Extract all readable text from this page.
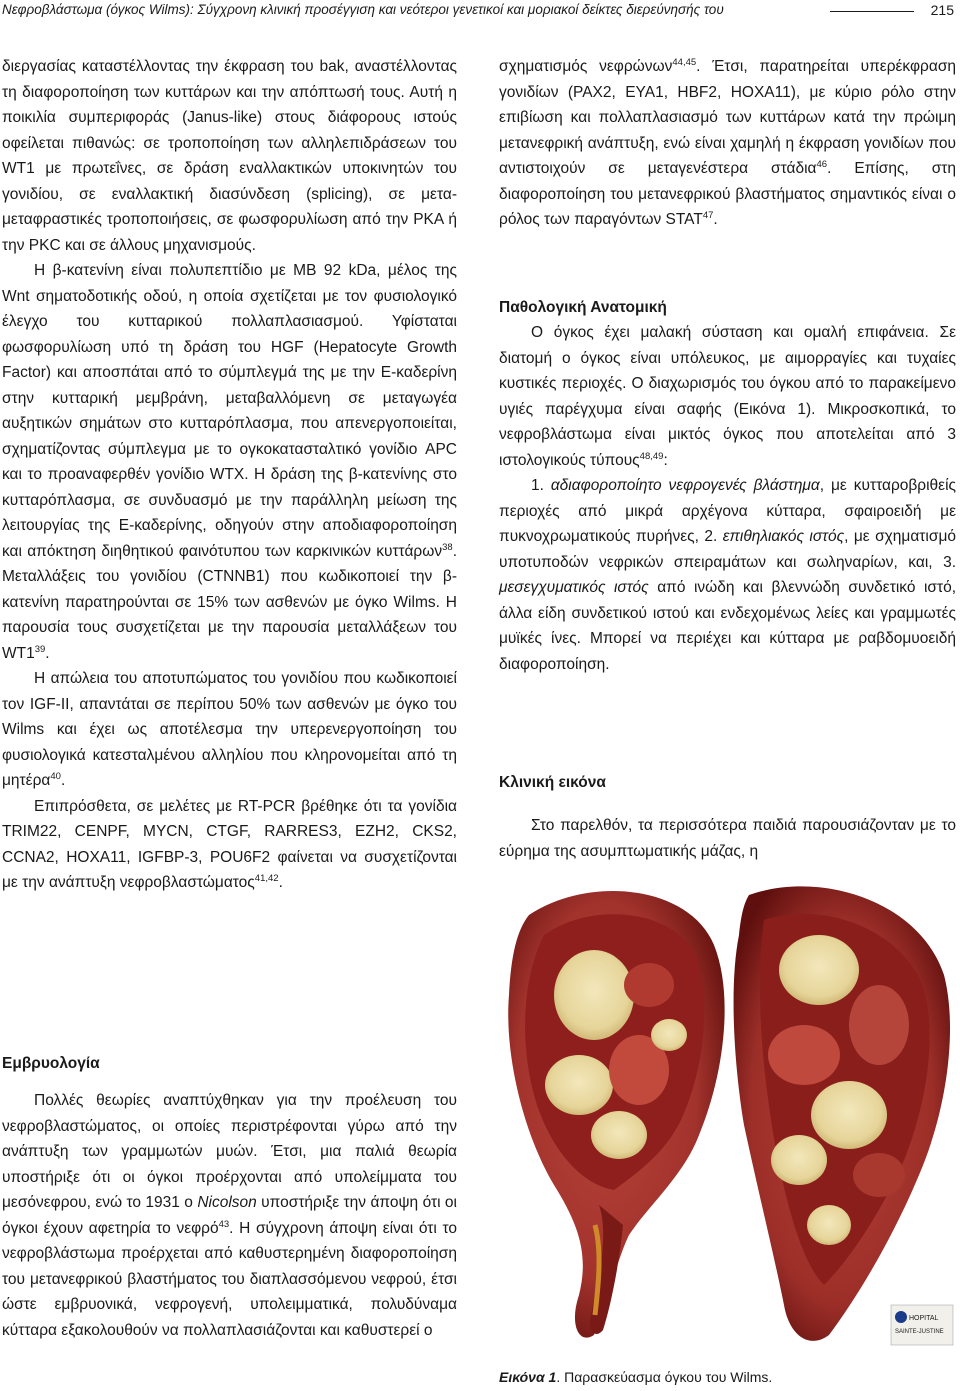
Νεφροβλάστωμα (όγκος Wilms): Σύγχρονη κλινική προσέγγιση και νεότεροι γενετικοί και μοριακοί δείκτες διερεύνησής του	215

διεργασίας καταστέλλοντας την έκφραση του bak, αναστέλλοντας τη διαφοροποίηση των κυττάρων και την απόπτωσή τους. Αυτή η ποικιλία συμπεριφοράς (Janus-like) στους διάφορους ιστούς οφείλεται πιθανώς: σε τροποποίηση των αλληλεπιδράσεων του WT1 με πρωτεΐνες, σε δράση εναλλακτικών υποκινητών του γονιδίου, σε εναλλακτική διασύνδεση (splicing), σε μετα-μεταφραστικές τροποποιήσεις, σε φωσφορυλίωση από την PKA ή την PKC και σε άλλους μηχανισμούς.

Η β-κατενίνη είναι πολυπεπτίδιο με ΜΒ 92 kDa, μέλος της Wnt σηματοδοτικής οδού, η οποία σχετίζεται με τον φυσιολογικό έλεγχο του κυτταρικού πολλαπλασιασμού. Υφίσταται φωσφορυλίωση υπό τη δράση του HGF (Hepatocyte Growth Factor) και αποσπάται από το σύμπλεγμά της με την Ε-καδερίνη στην κυτταρική μεμβράνη, μεταβαλλόμενη σε μεταγωγέα αυξητικών σημάτων στο κυτταρόπλασμα, που απενεργοποιείται, σχηματίζοντας σύμπλεγμα με το ογκοκατασταλτικό γονίδιο APC και το προαναφερθέν γονίδιο WTX. Η δράση της β-κατενίνης στο κυτταρόπλασμα, σε συνδυασμό με την παράλληλη μείωση της λειτουργίας της Ε-καδερίνης, οδηγούν στην αποδιαφοροποίηση και απόκτηση διηθητικού φαινότυπου των καρκινικών κυττάρων$^{38}$. Μεταλλάξεις του γονιδίου (CTNNB1) που κωδικοποιεί την β-κατενίνη παρατηρούνται σε 15% των ασθενών με όγκο Wilms. Η παρουσία τους συσχετίζεται με την παρουσία μεταλλάξεων του $WT1^{39}$.

Η απώλεια του αποτυπώματος του γονιδίου που κωδικοποιεί τον IGF-II, απαντάται σε περίπου 50% των ασθενών με όγκο του Wilms και έχει ως αποτέλεσμα την υπερενεργοποίηση του φυσιολογικά κατεσταλμένου αλληλίου που κληρονομείται από τη μητέρα$^{40}$.

Επιπρόσθετα, σε μελέτες με RT-PCR βρέθηκε ότι τα γονίδια TRIM22, CENPF, MYCN, CTGF, RARRES3, EZH2, CKS2, CCNA2, HOXA11, IGFBP-3, POU6F2 φαίνεται να συσχετίζονται με την ανάπτυξη νεφροβλαστώματος$^{41,42}$.

Εμβρυολογία

Πολλές θεωρίες αναπτύχθηκαν για την προέλευση του νεφροβλαστώματος, οι οποίες περιστρέφονται γύρω από την ανάπτυξη των γραμμωτών μυών. Έτσι, μια παλιά θεωρία υποστήριξε ότι οι όγκοι προέρχονται από υπολείμματα του μεσόνεφρου, ενώ το 1931 ο Nicolson υποστήριξε την άποψη ότι οι όγκοι έχουν αφετηρία το νεφρό$^{43}$. Η σύγχρονη άποψη είναι ότι το νεφροβλάστωμα προέρχεται από καθυστερημένη διαφοροποίηση του μετανεφρικού βλαστήματος του διαπλασσόμενου νεφρού, έτσι ώστε εμβρυονικά, νεφρογενή, υπολειμματικά, πολυδύναμα κύτταρα εξακολουθούν να πολλαπλασιάζονται και καθυστερεί ο

σχηματισμός νεφρώνων$^{44,45}$. Έτσι, παρατηρείται υπερέκφραση γονιδίων (PAX2, EYA1, HBF2, HOXA11), με κύριο ρόλο στην επιβίωση και πολλαπλασιασμό των κυττάρων κατά την πρώιμη μετανεφρική ανάπτυξη, ενώ είναι χαμηλή η έκφραση γονιδίων που αντιστοιχούν σε μεταγενέστερα στάδια$^{46}$. Επίσης, στη διαφοροποίηση του μετανεφρικού βλαστήματος σημαντικός είναι ο ρόλος των παραγόντων STAT$^{47}$.

Παθολογική Ανατομική

Ο όγκος έχει μαλακή σύσταση και ομαλή επιφάνεια. Σε διατομή ο όγκος είναι υπόλευκος, με αιμορραγίες και τυχαίες κυστικές περιοχές. Ο διαχωρισμός του όγκου από το παρακείμενο υγιές παρέγχυμα είναι σαφής (Εικόνα 1). Μικροσκοπικά, το νεφροβλάστωμα είναι μικτός όγκος που αποτελείται από 3 ιστολογικούς τύπους$^{48,49}$:

1. αδιαφοροποίητο νεφρογενές βλάστημα, με κυτταροβριθείς περιοχές από μικρά αρχέγονα κύτταρα, σφαιροειδή με πυκνοχρωματικούς πυρήνες, 2. επιθηλιακός ιστός, με σχηματισμό υποτυποδών νεφρικών σπειραμάτων και σωληναρίων, και, 3. μεσεγχυματικός ιστός από ινώδη και βλεννώδη συνδετικό ιστό, άλλα είδη συνδετικού ιστού και ενδεχομένως λείες και γραμμωτές μυϊκές ίνες. Μπορεί να περιέχει και κύτταρα με ραβδομυοειδή διαφοροποίηση.

Κλινική εικόνα

Στο παρελθόν, τα περισσότερα παιδιά παρουσιάζονταν με το εύρημα της ασυμπτωματικής μάζας, η

HOPITAL
SAINTE-JUSTINE
Εικόνα 1. Παρασκεύασμα όγκου του Wilms.
